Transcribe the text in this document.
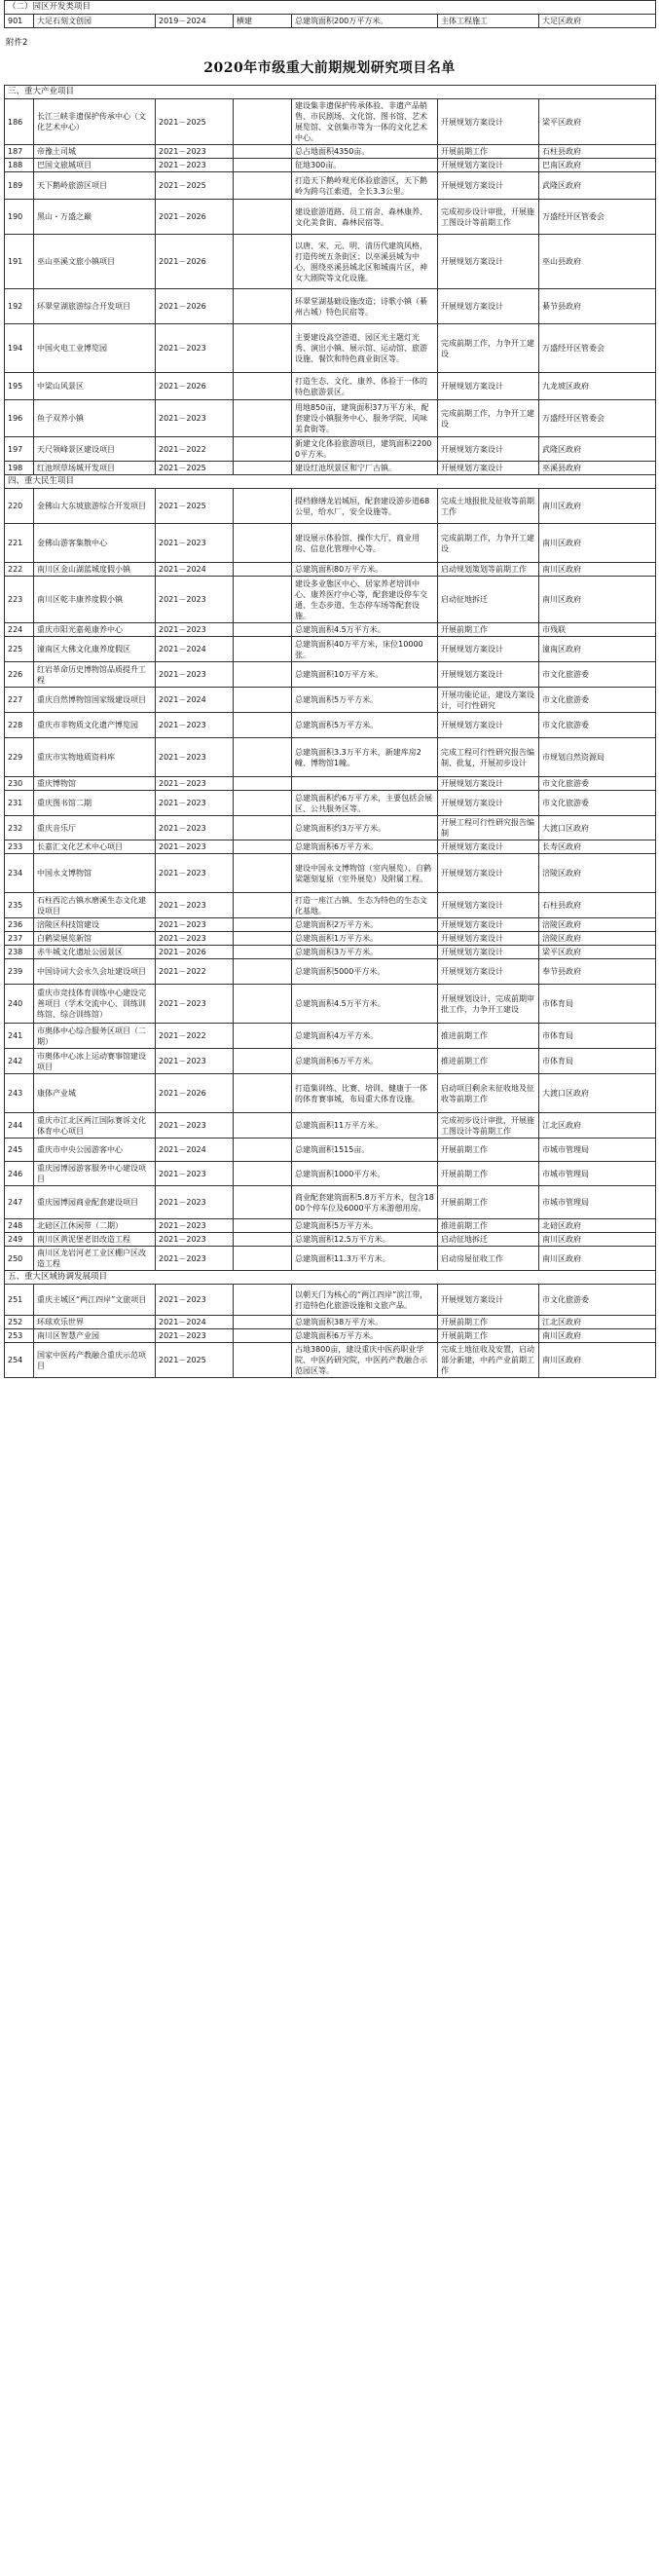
（二）园区开发类项目
901	大足石刻文创园	2019－2024	横建	总建筑面积200万平方米。	主体工程施工	大足区政府
附件2
2020年市级重大前期规划研究项目名单
三、重大产业项目						
186	长江三峡非遗保护传承中心（文化艺术中心）	2021－2025		建设集非遗保护传承体验、非遗产品销售、市民剧场、文化馆、图书馆、艺术展览馆、文创集市等为一体的文化艺术中心。	开展规划方案设计	梁平区政府
187	帝豫土司城	2021－2023		总占地面积4350亩。	开展前期工作	石柱县政府
188	巴国文旅城项目	2021－2023		征地300亩。	开展规划方案设计	巴南区政府
189	天下鹅岭旅游区项目	2021－2025		打造天下鹅岭观光体验旅游区，天下鹅岭为跨乌江索道，全长3.3公里。	开展规划方案设计	武隆区政府
190	黑山・万盛之巅	2021－2026		建设旅游道路、员工宿舍、森林康养、文化美食街、森林民宿等。	完成初步设计审批，开展施工图设计等前期工作	万盛经开区管委会
191	巫山巫溪文旅小镇项目	2021－2026		以唐、宋、元、明、清历代建筑风格，打造传统五条街区；以巫溪县城为中心，围绕巫溪县城北区和城南片区，神女大剧院等文化设施。	开展规划方案设计	巫山县政府
192	环翠堂湖旅游综合开发项目	2021－2026		环翠堂湖基础设施改造；诗歌小镇（綦州古城）特色民宿等。	开展规划方案设计	綦节县政府
194	中国火电工业博览园	2021－2023		主要建设高空游道、园区光主题灯光秀、演出小镇、展示馆、运动馆、旅游设施、餐饮和特色商业街区等。	完成前期工作，力争开工建设	万盛经开区管委会
195	中梁山风景区	2021－2026		打造生态、文化、康养、体验于一体的特色旅游景区。	开展规划方案设计	九龙坡区政府
196	鱼子双养小镇	2021－2023		用地850亩，建筑面积37万平方米，配套建设小镇服务中心、服务学院、风味美食街等。	完成前期工作，力争开工建设	万盛经开区管委会
197	天尺领峰景区建设项目	2021－2022		新建文化体验旅游项目，建筑面积22000平方米。	开展规划方案设计	武隆区政府
198	红池坝草场城开发项目	2021－2025		建设红池坝景区和宁厂古镇。	开展规划方案设计	巫溪县政府
四、重大民生项目						
220	金佛山大东坡旅游综合开发项目	2021－2025		提档修缮龙岩城垣，配套建设游步道68公里，给水厂，安全设施等。	完成土地报批及征收等前期工作	南川区政府
221	金佛山游客集散中心	2021－2023		建设展示体验馆、操作大厅、商业用房、信息化管理中心等。	完成前期工作，力争开工建设	南川区政府
222	南川区金山湖蓝城度假小镇	2021－2024		总建筑面积80万平方米。	启动规划策划等前期工作	南川区政府
223	南川区乾丰康养度假小镇	2021－2023		建设多业態区中心、居家养老培训中心、康养医疗中心等，配套建设停车交通、生态步道、生态停车场等配套设施。	启动征地拆迁	南川区政府
224	重庆市阳光嘉苑康养中心	2021－2023		总建筑面积4.5万平方米。	开展前期工作	市残联
225	潼南区大佛文化康养度假区	2021－2024		总建筑面积40万平方米，床位10000张。	开展规划方案设计	潼南区政府
226	红岩革命历史博物馆品质提升工程	2021－2023		总建筑面积10万平方米。	开展规划方案设计	市文化旅游委
227	重庆自然博物馆国家级建设项目	2021－2024		总建筑面积5万平方米。	开展功能论证，建设方案设计，可行性研究	市文化旅游委
228	重庆市非物质文化遗产博览园	2021－2023		总建筑面积5万平方米。	开展规划方案设计	市文化旅游委
229	重庆市实物地质资料库	2021－2023		总建筑面积3.3万平方米，新建库房2幢、博物馆1幢。	完成工程可行性研究报告编制、批复，开展初步设计	市规划自然资源局
230	重庆博物馆	2021－2023			开展规划方案设计	市文化旅游委
231	重庆图书馆二期	2021－2023		总建筑面积约6万平方米，主要包括会展区、公共服务区等。	开展规划方案设计	市文化旅游委
232	重庆音乐厅	2021－2023		总建筑面积约3万平方米。	开展工程可行性研究报告编制	大渡口区政府
233	长嘉汇文化艺术中心项目	2021－2023		总建筑面积6万平方米。	开展规划方案设计	长寿区政府
234	中国永文博物馆	2021－2023		建设中国永文博物馆（室内展览）、自鹤梁题刻复原（室外展览）及附属工程。	开展规划方案设计	涪陵区政府
235	石柱西沱古镇水磨溪生态文化建设项目	2021－2023		打造一座江古镇、生态为特色的生态文化基地。	开展规划方案设计	石柱县政府
236	涪陵区科技馆建设	2021－2023		总建筑面积2万平方米。	开展规划方案设计	涪陵区政府
237	白鹤梁展览新馆	2021－2023		总建筑面积1万平方米。	开展规划方案设计	涪陵区政府
238	赤牛城文化遗址公园景区	2021－2026		总建筑面积3万平方米。	开展规划方案设计	梁平区政府
239	中国诗词大会永久会址建设项目	2021－2022		总建筑面积5000平方米。	开展规划方案设计	奉节县政府
240	重庆市竞技体育训练中心建设完善项目（学术交流中心、训练训练馆、综合训练馆）	2021－2023		总建筑面积4.5万平方米。	开展规划设计，完成前期审批工作，力争开工建设	市体育局
241	市奥体中心综合服务区项目（二期）	2021－2022		总建筑面积4万平方米。	推进前期工作	市体育局
242	市奥体中心冰上运动赛事馆建设项目	2021－2023		总建筑面积6万平方米。	推进前期工作	市体育局
243	康体产业城	2021－2026		打造集训练、比赛、培训、健康于一体的体育赛事城，布局重大体育设施。	启动项目剩余未征收地及征收等前期工作	大渡口区政府
244	重庆市江北区两江国际赛诉文化体育中心项目	2021－2023		总建筑面积11万平方米。	完成初步设计审批，开展施工图设计等前期工作	江北区政府
245	重庆市中央公园游客中心	2021－2024		总建筑面积1515亩。	开展前期工作	市城市管理局
246	重庆园博园游客服务中心建设项目	2021－2023		总建筑面积1000平方米。	开展前期工作	市城市管理局
247	重庆园博园商业配套建设项目	2021－2023		商业配套建筑面积5.8万平方米，包含1800个停车位及6000平方米游憩用房。	开展前期工作	市城市管理局
248	北碚区江休闲带（二期）	2021－2023		总建筑面积5万平方米。	推进前期工作	北碚区政府
249	南川区黄泥堡老旧改造工程	2021－2023		总建筑面积12.5万平方米。	启动征地拆迁	南川区政府
250	南川区龙岩河老工业区棚户区改造工程	2021－2023		总建筑面积11.3万平方米。	启动房屋征收工作	南川区政府
五、重大区域协调发展项目						
251	重庆主城区“两江四岸”文旅项目	2021－2023		以朝天门为核心的“两江四岸”滨江带，打造特色化旅游设施和文旅产品。	开展规划方案设计	市文化旅游委
252	环球欢乐世界	2021－2024		总建筑面积38万平方米。	开展前期工作	江北区政府
253	南川区智慧产业园	2021－2023		总建筑面积6万平方米。	开展前期工作	南川区政府
254	国家中医药产教融合重庆示范项目	2021－2025		占地3800亩，建设重庆中医药职业学院、中医药研究院，中医药产教融合示范园区等。	完成土地征收及安置，启动部分新建，中药产业前期工作	南川区政府
